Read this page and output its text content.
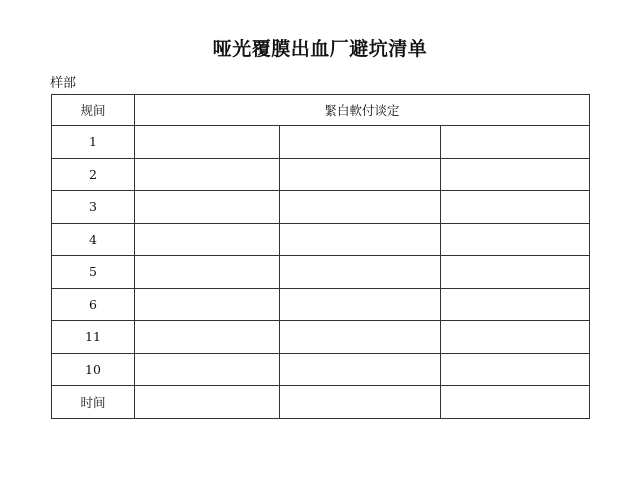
哑光覆膜出血厂避坑清单
样部
规间	緊白軟付谈定		
1			
2			
3			
4			
5			
6			
11			
10			
时间			
